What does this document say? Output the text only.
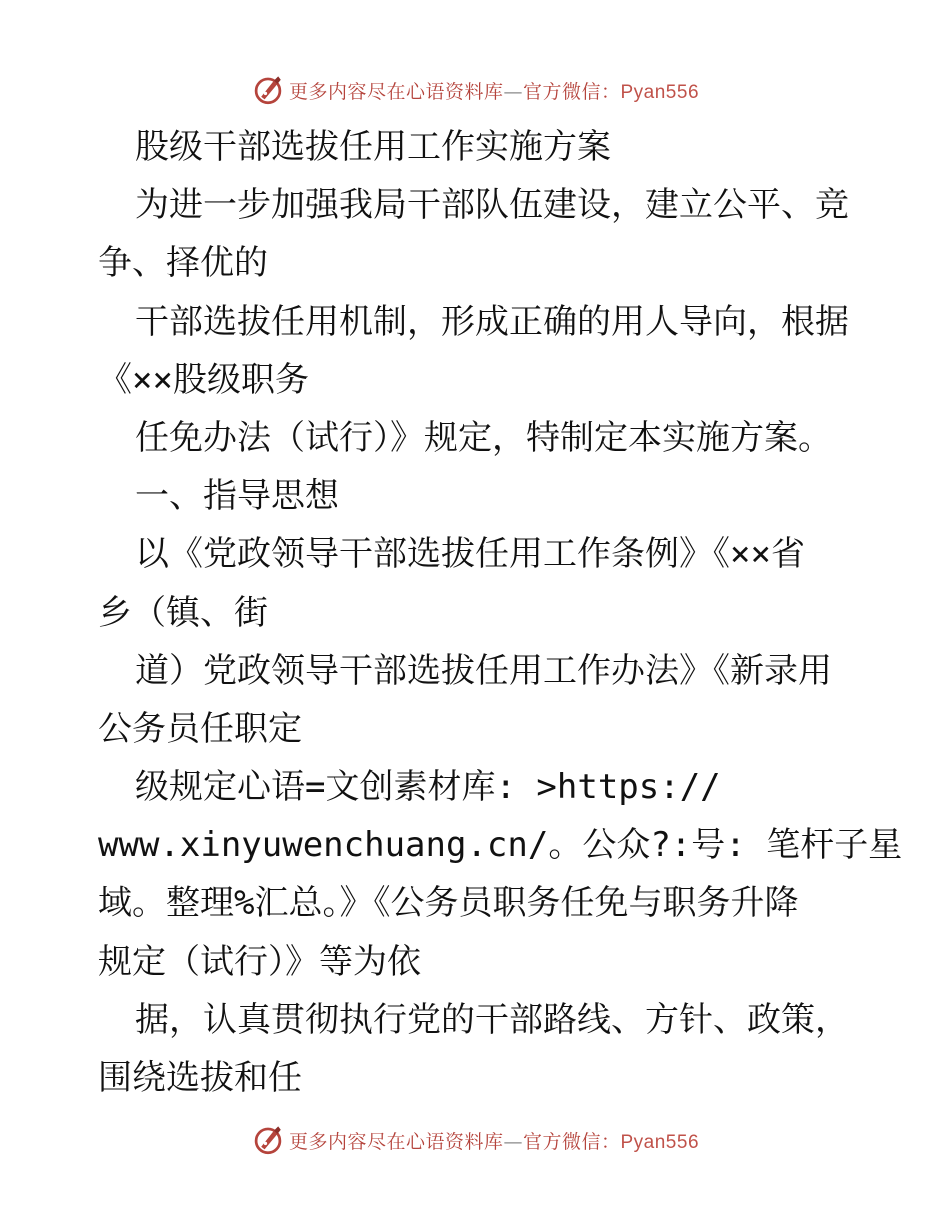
更多内容尽在心语资料库—官方微信：Pyan556
股级干部选拔任用工作实施方案
为进一步加强我局干部队伍建设，建立公平、竞
争、择优的
干部选拔任用机制，形成正确的用人导向，根据
《××股级职务
任免办法（试行）》规定，特制定本实施方案。
一、指导思想
以《党政领导干部选拔任用工作条例》《××省
乡（镇、街
道）党政领导干部选拔任用工作办法》《新录用
公务员任职定
级规定心语=文创素材库: >https://
www.xinyuwenchuang.cn/。公众?:号: 笔杆子星
域。整理%汇总。》《公务员职务任免与职务升降
规定（试行）》等为依
据，认真贯彻执行党的干部路线、方针、政策，
围绕选拔和任
更多内容尽在心语资料库—官方微信：Pyan556
